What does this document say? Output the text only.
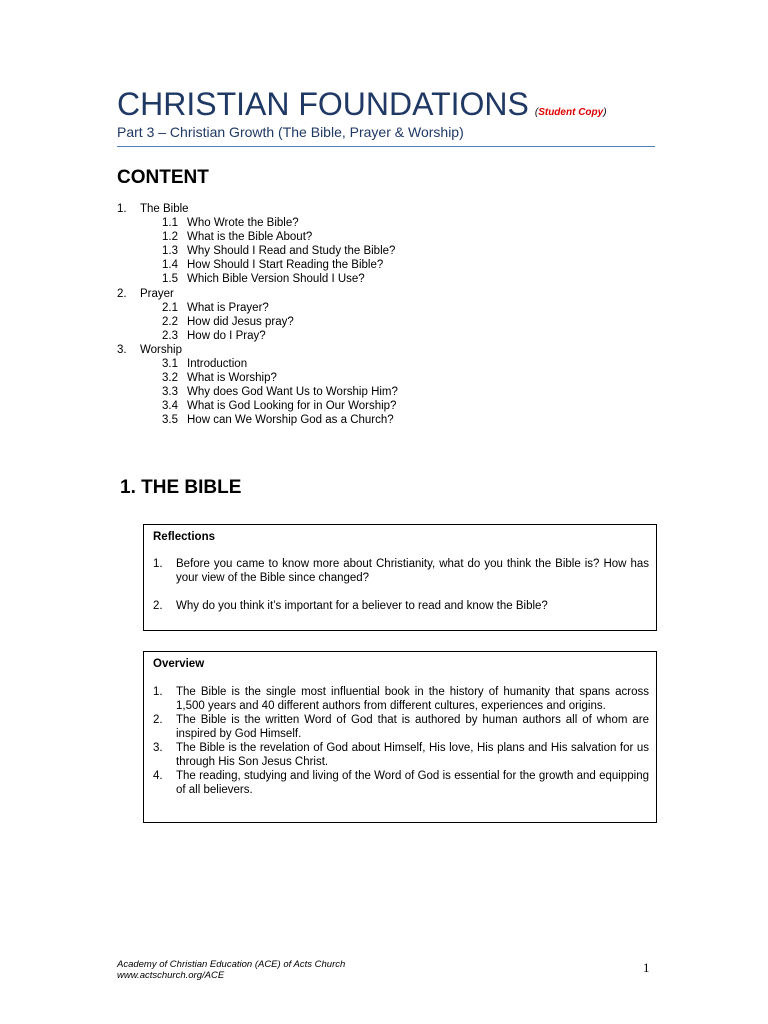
CHRISTIAN FOUNDATIONS (Student Copy)
Part 3 – Christian Growth (The Bible, Prayer & Worship)
CONTENT
1.	The Bible
1.1 Who Wrote the Bible?
1.2 What is the Bible About?
1.3 Why Should I Read and Study the Bible?
1.4 How Should I Start Reading the Bible?
1.5 Which Bible Version Should I Use?
2.	Prayer
2.1 What is Prayer?
2.2 How did Jesus pray?
2.3 How do I Pray?
3.	Worship
3.1 Introduction
3.2 What is Worship?
3.3 Why does God Want Us to Worship Him?
3.4 What is God Looking for in Our Worship?
3.5 How can We Worship God as a Church?
1. THE BIBLE
Reflections
1.	Before you came to know more about Christianity, what do you think the Bible is? How has your view of the Bible since changed?
2.	Why do you think it’s important for a believer to read and know the Bible?
Overview
1.	The Bible is the single most influential book in the history of humanity that spans across 1,500 years and 40 different authors from different cultures, experiences and origins.
2.	The Bible is the written Word of God that is authored by human authors all of whom are inspired by God Himself.
3.	The Bible is the revelation of God about Himself, His love, His plans and His salvation for us through His Son Jesus Christ.
4.	The reading, studying and living of the Word of God is essential for the growth and equipping of all believers.
Academy of Christian Education (ACE) of Acts Church
www.actschurch.org/ACE
1
